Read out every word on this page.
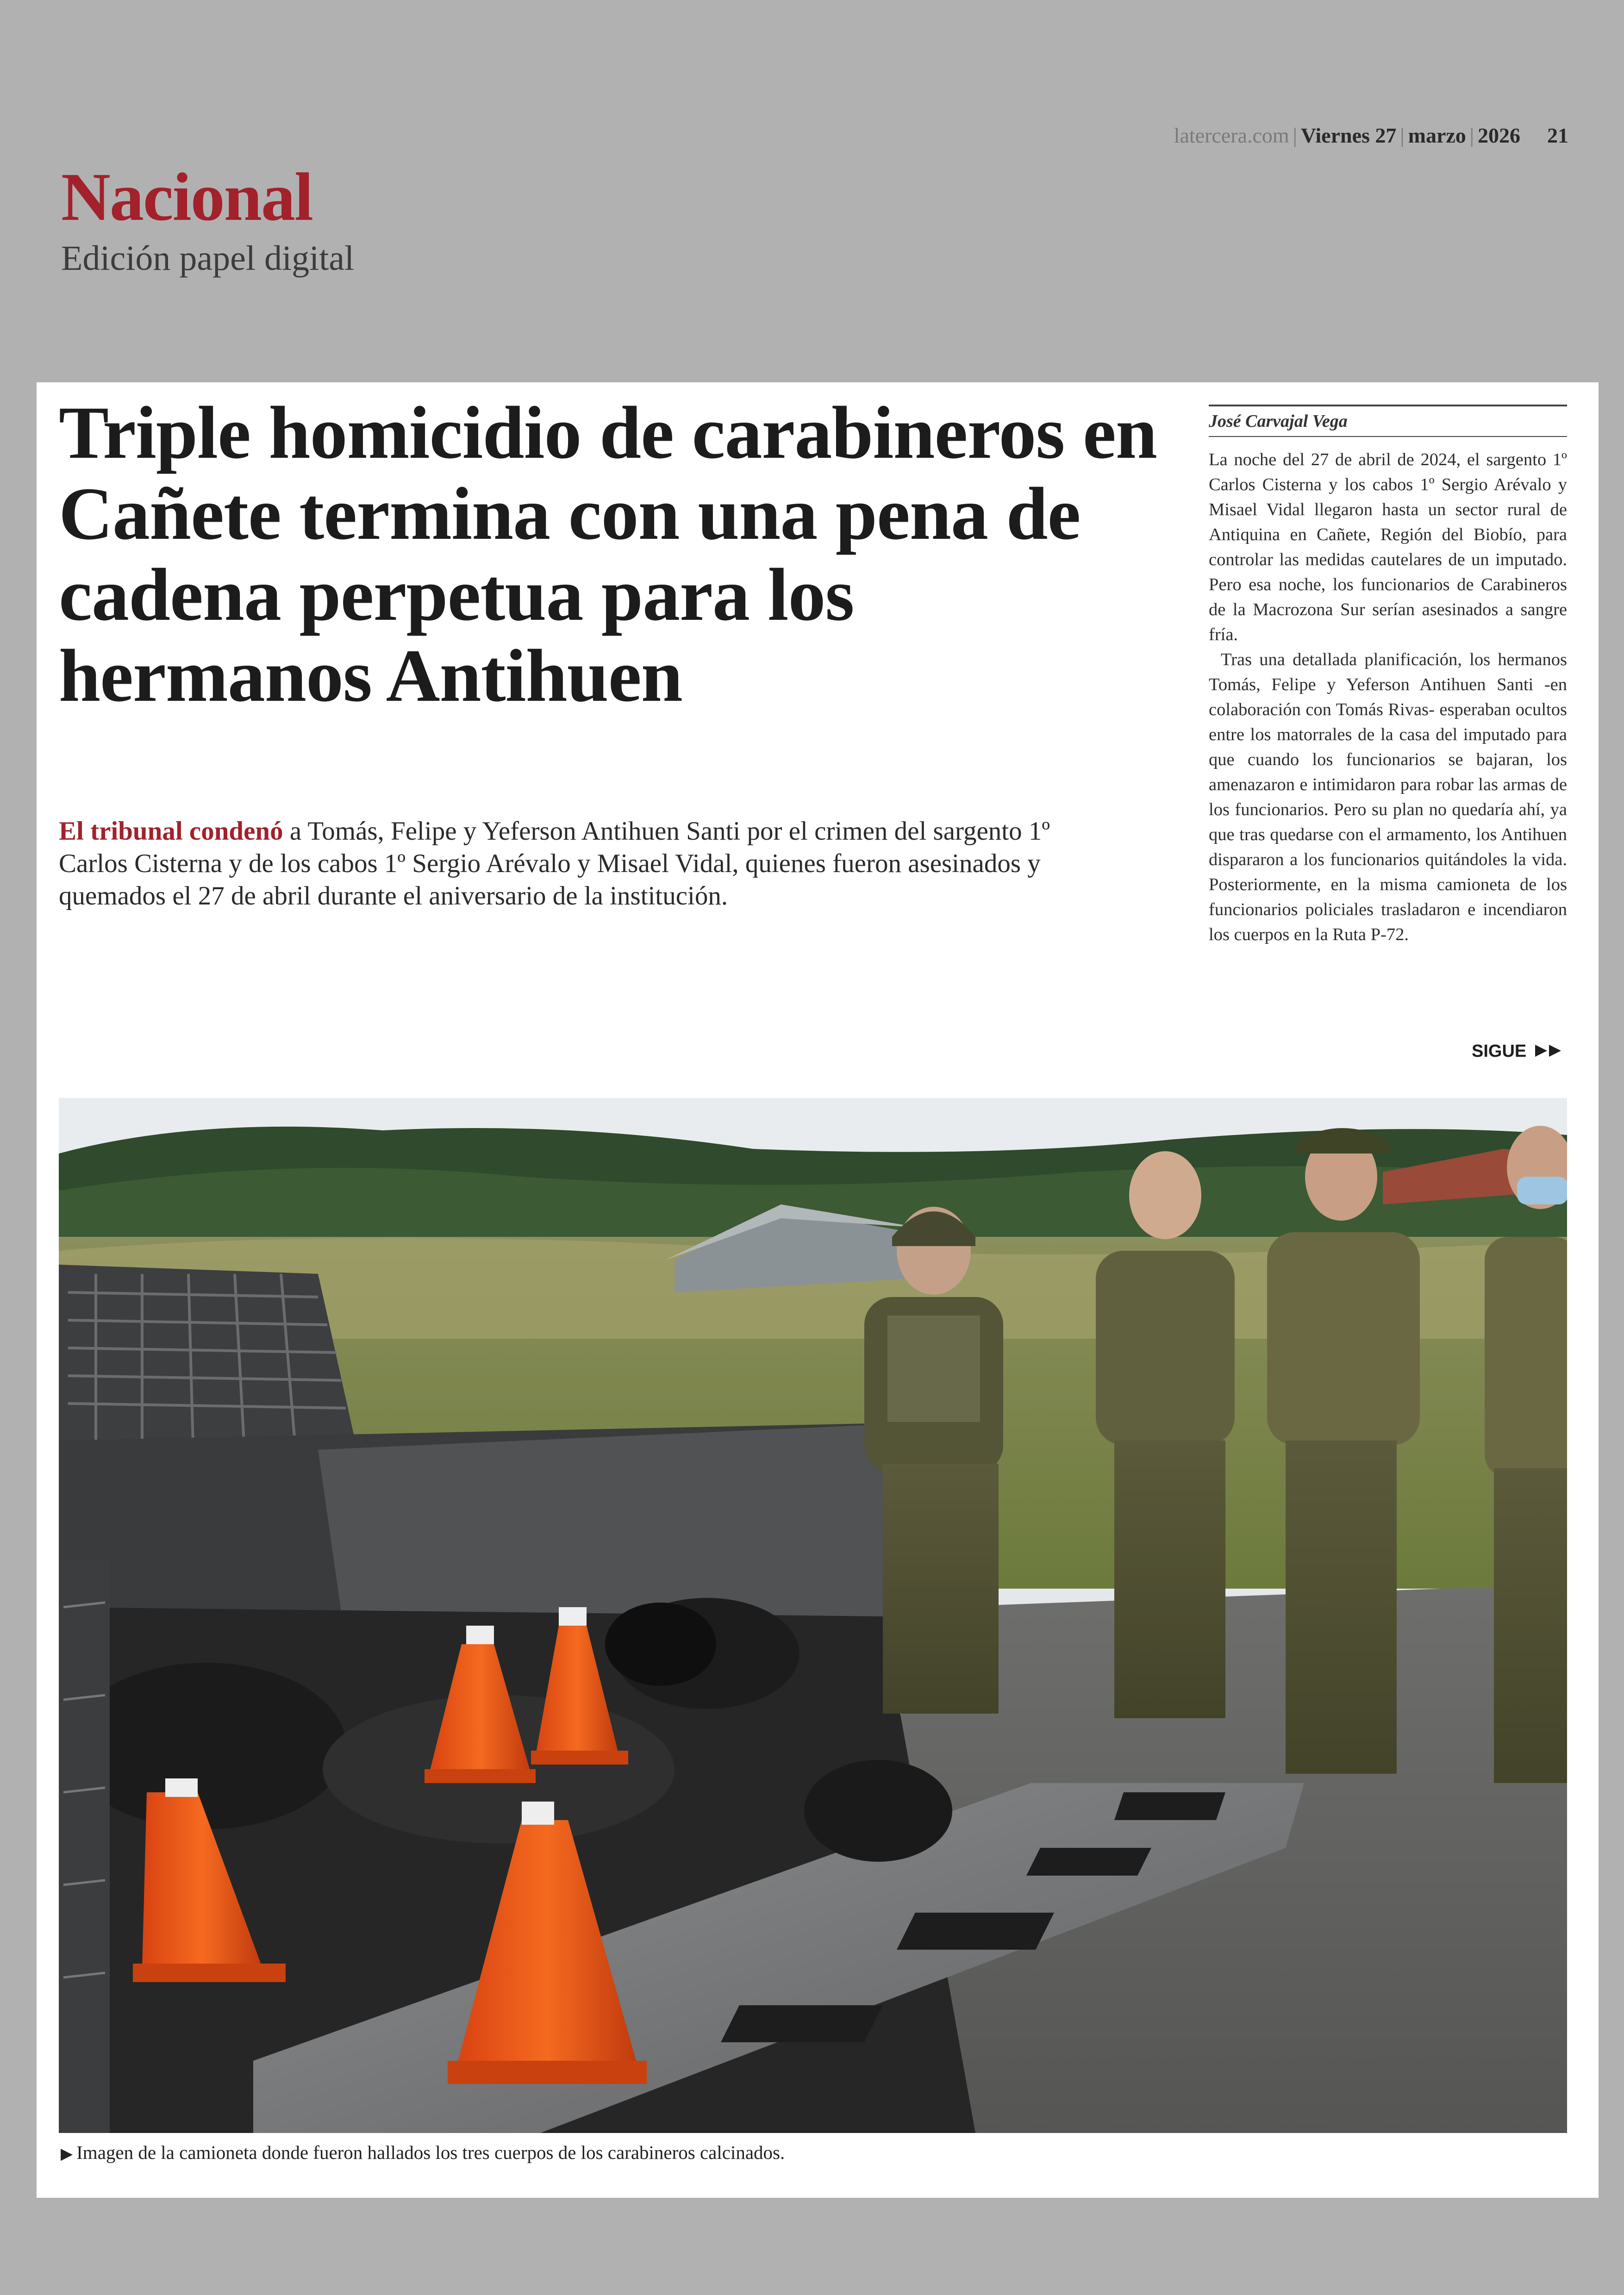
latercera.com | Viernes 27 | marzo | 2026 21
Nacional
Edición papel digital
Triple homicidio de carabineros en Cañete termina con una pena de cadena perpetua para los hermanos Antihuen

El tribunal condenó a Tomás, Felipe y Yeferson Antihuen Santi por el crimen del sargento 1º Carlos Cisterna y de los cabos 1º Sergio Arévalo y Misael Vidal, quienes fueron asesinados y quemados el 27 de abril durante el aniversario de la institución.

José Carvajal Vega

La noche del 27 de abril de 2024, el sargento 1º Carlos Cisterna y los cabos 1º Sergio Arévalo y Misael Vidal llegaron hasta un sector rural de Antiquina en Cañete, Región del Biobío, para controlar las medidas cautelares de un imputado. Pero esa noche, los funcionarios de Carabineros de la Macrozona Sur serían asesinados a sangre fría.

Tras una detallada planificación, los hermanos Tomás, Felipe y Yeferson Antihuen Santi -en colaboración con Tomás Rivas- esperaban ocultos entre los matorrales de la casa del imputado para que cuando los funcionarios se bajaran, los amenazaron e intimidaron para robar las armas de los funcionarios. Pero su plan no quedaría ahí, ya que tras quedarse con el armamento, los Antihuen dispararon a los funcionarios quitándoles la vida. Posteriormente, en la misma camioneta de los funcionarios policiales trasladaron e incendiaron los cuerpos en la Ruta P-72.

SIGUE
▶ Imagen de la camioneta donde fueron hallados los tres cuerpos de los carabineros calcinados.
